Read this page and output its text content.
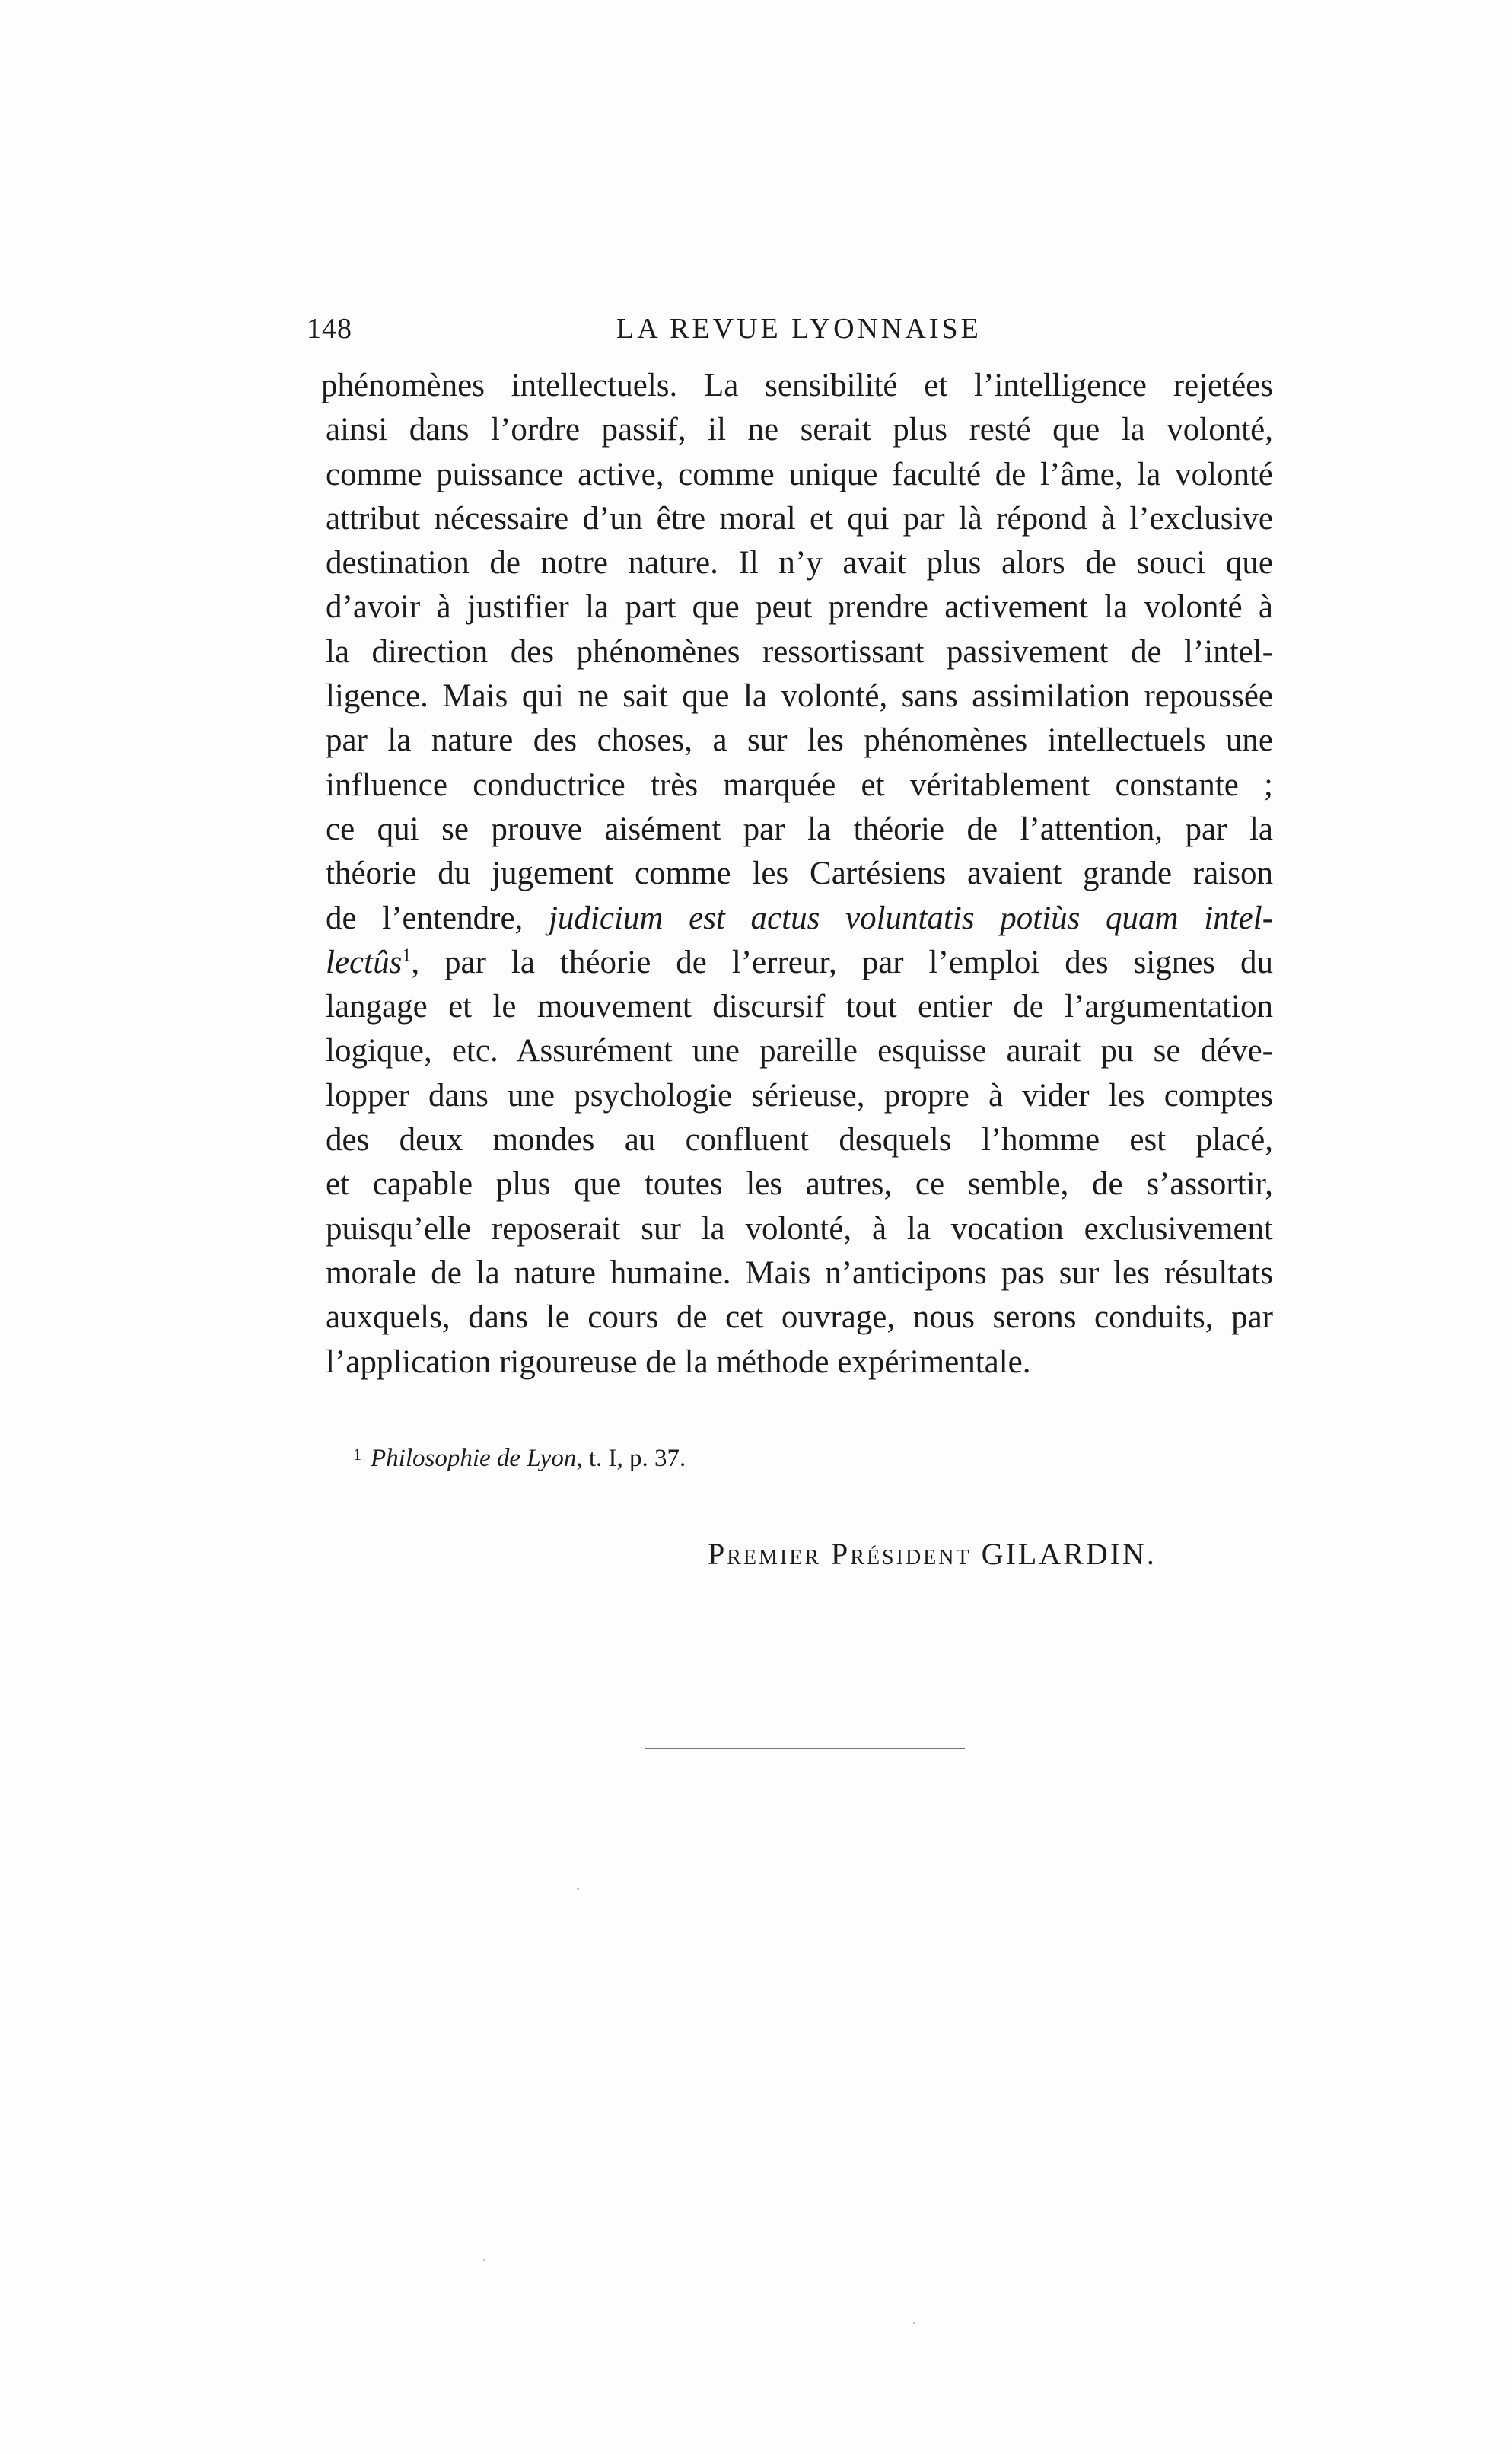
148	LA REVUE LYONNAISE
phénomènes intellectuels. La sensibilité et l’intelligence rejetées
ainsi dans l’ordre passif, il ne serait plus resté que la volonté,
comme puissance active, comme unique faculté de l’âme, la volonté
attribut nécessaire d’un être moral et qui par là répond à l’exclusive
destination de notre nature. Il n’y avait plus alors de souci que
d’avoir à justifier la part que peut prendre activement la volonté à
la direction des phénomènes ressortissant passivement de l’intel-
ligence. Mais qui ne sait que la volonté, sans assimilation repoussée
par la nature des choses, a sur les phénomènes intellectuels une
influence conductrice très marquée et véritablement constante ;
ce qui se prouve aisément par la théorie de l’attention, par la
théorie du jugement comme les Cartésiens avaient grande raison
de l’entendre, judicium est actus voluntatis potiùs quam intel-
lectûs$^1$, par la théorie de l’erreur, par l’emploi des signes du
langage et le mouvement discursif tout entier de l’argumentation
logique, etc. Assurément une pareille esquisse aurait pu se déve-
lopper dans une psychologie sérieuse, propre à vider les comptes
des deux mondes au confluent desquels l’homme est placé,
et capable plus que toutes les autres, ce semble, de s’assortir,
puisqu’elle reposerait sur la volonté, à la vocation exclusivement
morale de la nature humaine. Mais n’anticipons pas sur les résultats
auxquels, dans le cours de cet ouvrage, nous serons conduits, par
l’application rigoureuse de la méthode expérimentale.
$^1$ Philosophie de Lyon, t. I, p. 37.
Premier Président GILARDIN.
